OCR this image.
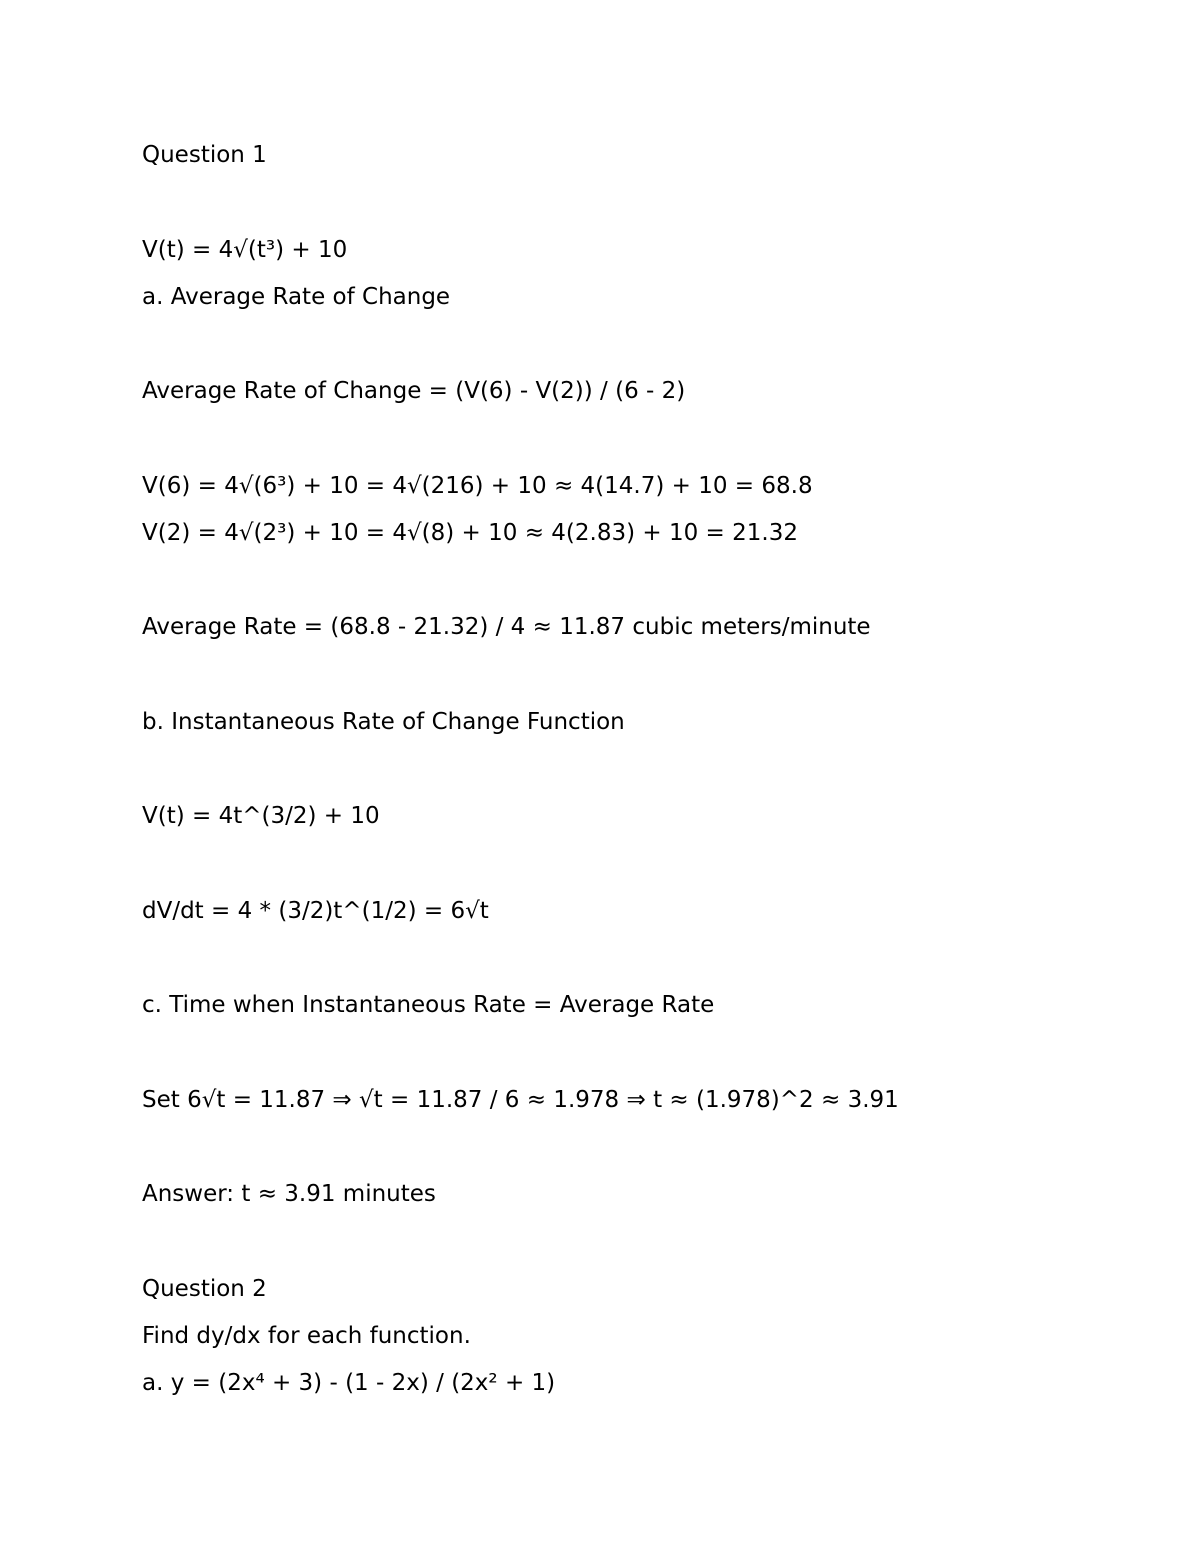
Question 1
V(t) = 4√(t³) + 10
a. Average Rate of Change
Average Rate of Change = (V(6) - V(2)) / (6 - 2)
V(6) = 4√(6³) + 10 = 4√(216) + 10 ≈ 4(14.7) + 10 = 68.8
V(2) = 4√(2³) + 10 = 4√(8) + 10 ≈ 4(2.83) + 10 = 21.32
Average Rate = (68.8 - 21.32) / 4 ≈ 11.87 cubic meters/minute
b. Instantaneous Rate of Change Function
V(t) = 4t^(3/2) + 10
dV/dt = 4 * (3/2)t^(1/2) = 6√t
c. Time when Instantaneous Rate = Average Rate
Set 6√t = 11.87 ⇒ √t = 11.87 / 6 ≈ 1.978 ⇒ t ≈ (1.978)^2 ≈ 3.91
Answer: t ≈ 3.91 minutes
Question 2
Find dy/dx for each function.
a. y = (2x⁴ + 3) - (1 - 2x) / (2x² + 1)
